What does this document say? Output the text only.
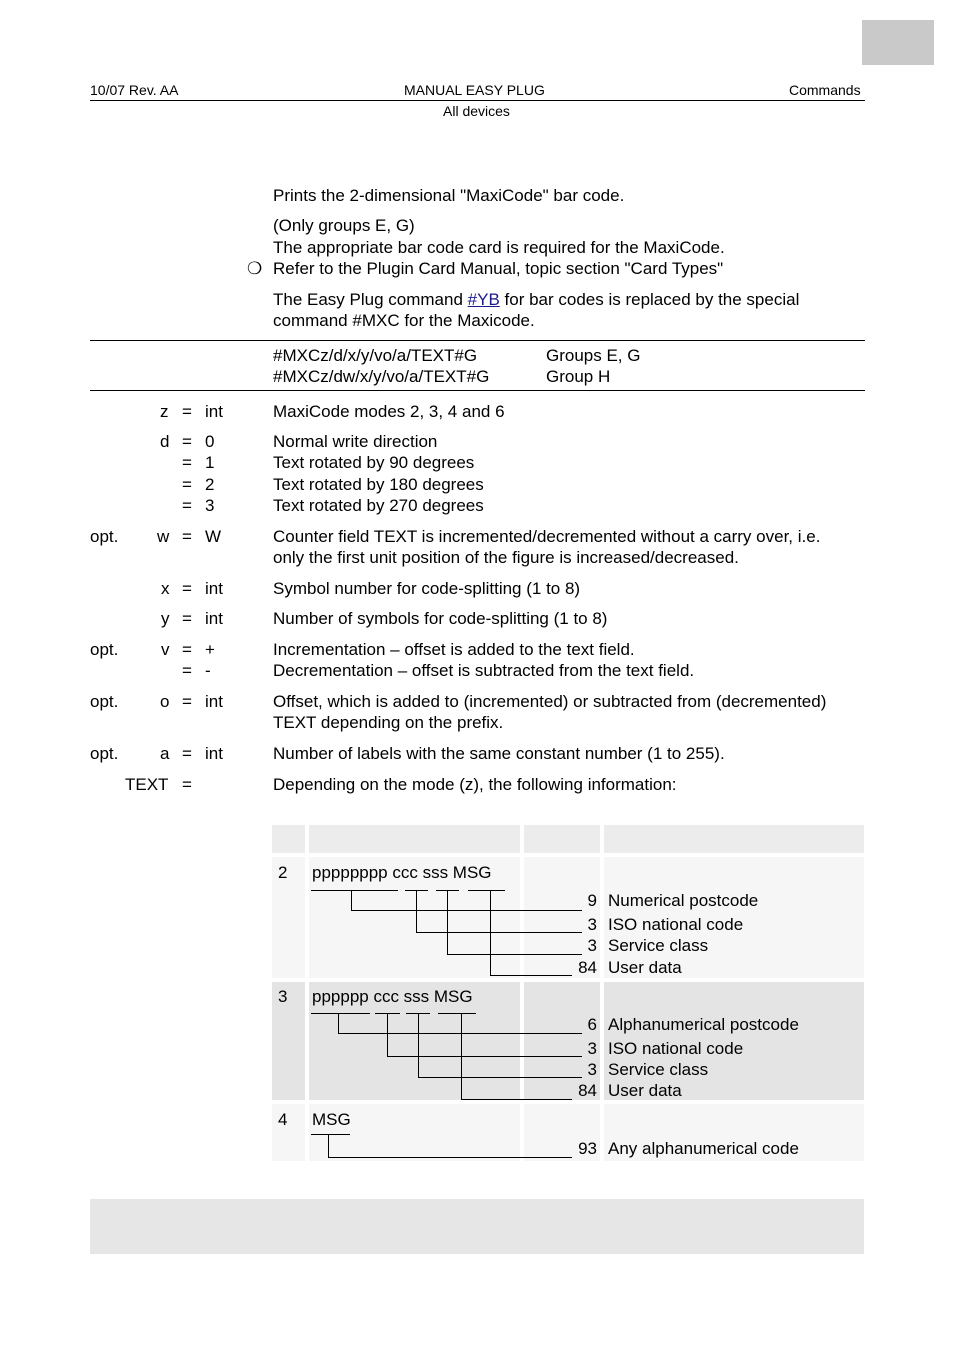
10/07 Rev. AA	MANUAL EASY PLUG	Commands
All devices
Prints the 2-dimensional "MaxiCode" bar code.
(Only groups E, G)
The appropriate bar code card is required for the MaxiCode.
❍ Refer to the Plugin Card Manual, topic section "Card Types"
The Easy Plug command #YB for bar codes is replaced by the special
command #MXC for the Maxicode.
#MXCz/d/x/y/vo/a/TEXT#G	Groups E, G
#MXCz/dw/x/y/vo/a/TEXT#G	Group H
z = int	MaxiCode modes 2, 3, 4 and 6
d = 0	Normal write direction
= 1	Text rotated by 90 degrees
= 2	Text rotated by 180 degrees
= 3	Text rotated by 270 degrees
opt. w = W	Counter field TEXT is incremented/decremented without a carry over, i.e.
only the first unit position of the figure is increased/decreased.
x = int	Symbol number for code-splitting (1 to 8)
y = int	Number of symbols for code-splitting (1 to 8)
opt.	v = +	Incrementation – offset is added to the text field.
= -	Decrementation – offset is subtracted from the text field.
opt. o = int	Offset, which is added to (incremented) or subtracted from (decremented)
TEXT depending on the prefix.
opt. a = int	Number of labels with the same constant number (1 to 255).
TEXT =	Depending on the mode (z), the following information:
2 pppppppp ccc sss MSG
9 Numerical postcode
3 ISO national code
3 Service class
84 User data
3 pppppp ccc sss MSG
6 Alphanumerical postcode
3 ISO national code
3 Service class
84 User data
4 MSG
93 Any alphanumerical code
